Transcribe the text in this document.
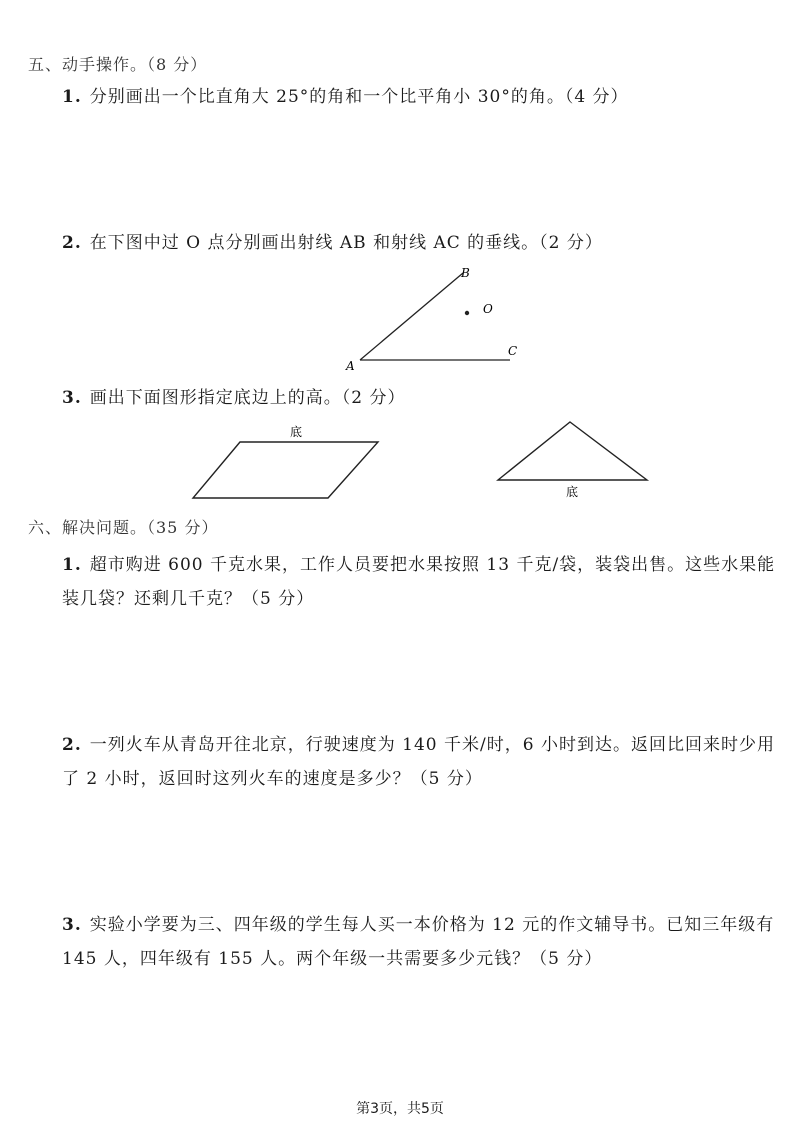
五、动手操作。（8 分）
1. 分别画出一个比直角大 25°的角和一个比平角小 30°的角。（4 分）
2. 在下图中过 O 点分别画出射线 AB 和射线 AC 的垂线。（2 分）
A
B
C
O
3. 画出下面图形指定底边上的高。（2 分）
底
底
六、解决问题。（35 分）
1. 超市购进 600 千克水果，工作人员要把水果按照 13 千克/袋，装袋出售。这些水果能装几袋？还剩几千克？（5 分）
2. 一列火车从青岛开往北京，行驶速度为 140 千米/时，6 小时到达。返回比回来时少用了 2 小时，返回时这列火车的速度是多少？（5 分）
3. 实验小学要为三、四年级的学生每人买一本价格为 12 元的作文辅导书。已知三年级有 145 人，四年级有 155 人。两个年级一共需要多少元钱？（5 分）
第3页，共5页
